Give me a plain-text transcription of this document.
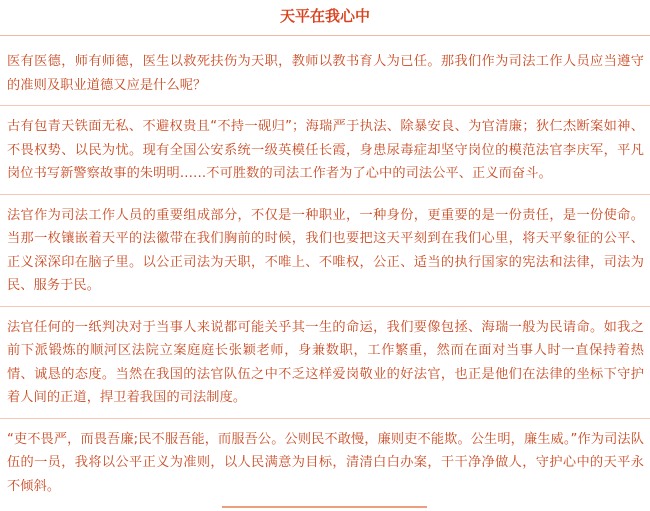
天平在我心中

医有医德，师有师德，医生以救死扶伤为天职，教师以教书育人为已任。那我们作为司法工作人员应当遵守的准则及职业道德又应是什么呢？

古有包青天铁面无私、不避权贵且“不持一砚归”；海瑞严于执法、除暴安良、为官清廉；狄仁杰断案如神、不畏权势、以民为忧。现有全国公安系统一级英模任长霞，身患尿毒症却坚守岗位的模范法官李庆军，平凡岗位书写新警察故事的朱明明……不可胜数的司法工作者为了心中的司法公平、正义而奋斗。

法官作为司法工作人员的重要组成部分，不仅是一种职业，一种身份，更重要的是一份责任，是一份使命。当那一枚镶嵌着天平的法徽带在我们胸前的时候，我们也要把这天平刻到在我们心里，将天平象征的公平、正义深深印在脑子里。以公正司法为天职，不唯上、不唯权，公正、适当的执行国家的宪法和法律，司法为民、服务于民。

法官任何的一纸判决对于当事人来说都可能关乎其一生的命运，我们要像包拯、海瑞一般为民请命。如我之前下派锻炼的顺河区法院立案庭庭长张颖老师，身兼数职，工作繁重，然而在面对当事人时一直保持着热情、诚恳的态度。当然在我国的法官队伍之中不乏这样爱岗敬业的好法官，也正是他们在法律的坐标下守护着人间的正道，捍卫着我国的司法制度。

“吏不畏严，而畏吾廉;民不服吾能，而服吾公。公则民不敢慢，廉则吏不能欺。公生明，廉生威。”作为司法队伍的一员，我将以公平正义为准则，以人民满意为目标，清清白白办案，干干净净做人，守护心中的天平永不倾斜。
